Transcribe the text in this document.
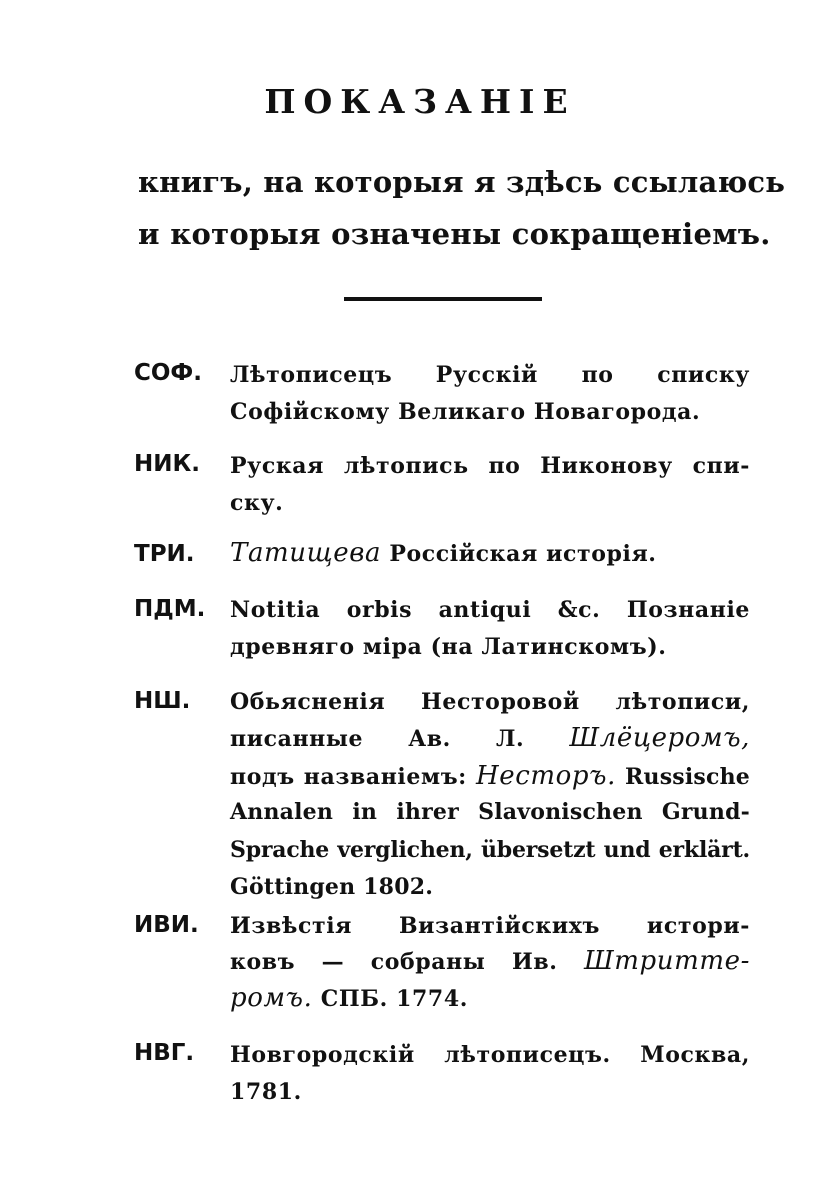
ПОКАЗАНIЕ
книгъ, на которыя я здѣсь ссылаюсь
и которыя означены сокращенiемъ.
СОФ. Лѣтописецъ Русскій по списку
Софійскому Великаго Новагорода.
НИК. Руская лѣтопись по Никонову спи-
ску.
ТРИ. Татищева Россійская исторія.
ПДМ. Notitia orbis antiqui &c. Познаніе
древняго міра (на Латинскомъ).
НШ. Обьясненія Несторовой лѣтописи,
писанные Ав. Л. Шлёцеромъ,
подъ названiемъ: Несторъ. Russische
Annalen in ihrer Slavonischen Grund-
Sprache verglichen, übersetzt und erklärt.
Göttingen 1802.
ИВИ. Извѣстія Византійскихъ истори-
ковъ — собраны Ив. Штритте-
ромъ. СПБ. 1774.
НВГ. Новгородскій лѣтописецъ. Москва,
1781.
